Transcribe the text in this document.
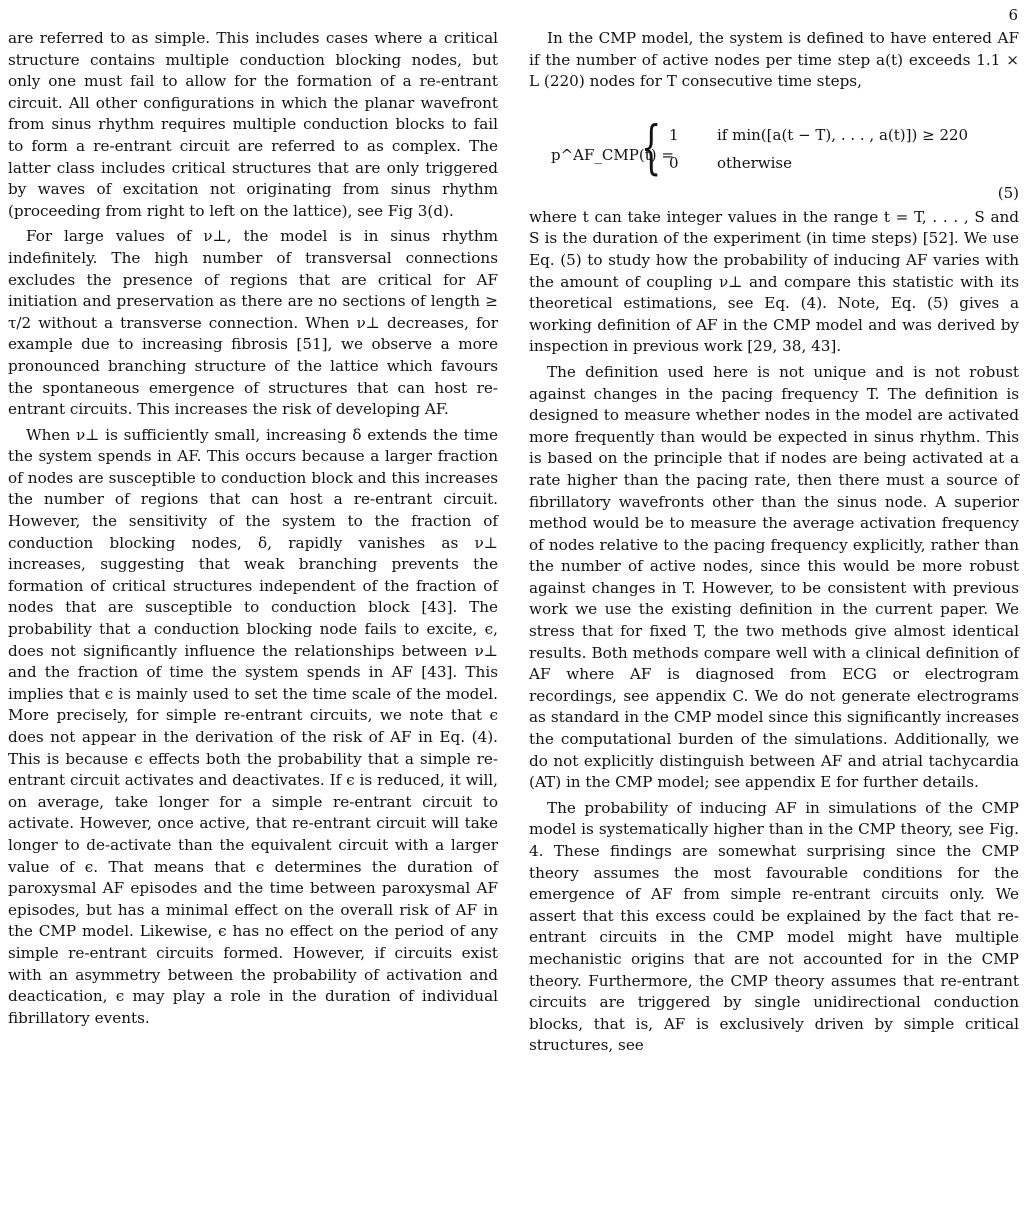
6

are referred to as simple. This includes cases where a critical structure contains multiple conduction blocking nodes, but only one must fail to allow for the formation of a re-entrant circuit. All other configurations in which the planar wavefront from sinus rhythm requires multiple conduction blocks to fail to form a re-entrant circuit are referred to as complex. The latter class includes critical structures that are only triggered by waves of excitation not originating from sinus rhythm (proceeding from right to left on the lattice), see Fig 3(d).

For large values of ν⊥, the model is in sinus rhythm indefinitely. The high number of transversal connections excludes the presence of regions that are critical for AF initiation and preservation as there are no sections of length ≥ τ/2 without a transverse connection. When ν⊥ decreases, for example due to increasing fibrosis [51], we observe a more pronounced branching structure of the lattice which favours the spontaneous emergence of structures that can host re-entrant circuits. This increases the risk of developing AF.

When ν⊥ is sufficiently small, increasing δ extends the time the system spends in AF. This occurs because a larger fraction of nodes are susceptible to conduction block and this increases the number of regions that can host a re-entrant circuit. However, the sensitivity of the system to the fraction of conduction blocking nodes, δ, rapidly vanishes as ν⊥ increases, suggesting that weak branching prevents the formation of critical structures independent of the fraction of nodes that are susceptible to conduction block [43]. The probability that a conduction blocking node fails to excite, ϵ, does not significantly influence the relationships between ν⊥ and the fraction of time the system spends in AF [43]. This implies that ϵ is mainly used to set the time scale of the model. More precisely, for simple re-entrant circuits, we note that ϵ does not appear in the derivation of the risk of AF in Eq. (4). This is because ϵ effects both the probability that a simple re-entrant circuit activates and deactivates. If ϵ is reduced, it will, on average, take longer for a simple re-entrant circuit to activate. However, once active, that re-entrant circuit will take longer to de-activate than the equivalent circuit with a larger value of ϵ. That means that ϵ determines the duration of paroxysmal AF episodes and the time between paroxysmal AF episodes, but has a minimal effect on the overall risk of AF in the CMP model. Likewise, ϵ has no effect on the period of any simple re-entrant circuits formed. However, if circuits exist with an asymmetry between the probability of activation and deactication, ϵ may play a role in the duration of individual fibrillatory events.

In the CMP model, the system is defined to have entered AF if the number of active nodes per time step a(t) exceeds 1.1 × L (220) nodes for T consecutive time steps,

p^AF_CMP(t) =
{ 1	if min([a(t − T), . . . , a(t)]) ≥ 220
0	otherwise
(5)

where t can take integer values in the range t = T, . . . , S and S is the duration of the experiment (in time steps) [52]. We use Eq. (5) to study how the probability of inducing AF varies with the amount of coupling ν⊥ and compare this statistic with its theoretical estimations, see Eq. (4). Note, Eq. (5) gives a working definition of AF in the CMP model and was derived by inspection in previous work [29, 38, 43].

The definition used here is not unique and is not robust against changes in the pacing frequency T. The definition is designed to measure whether nodes in the model are activated more frequently than would be expected in sinus rhythm. This is based on the principle that if nodes are being activated at a rate higher than the pacing rate, then there must a source of fibrillatory wavefronts other than the sinus node. A superior method would be to measure the average activation frequency of nodes relative to the pacing frequency explicitly, rather than the number of active nodes, since this would be more robust against changes in T. However, to be consistent with previous work we use the existing definition in the current paper. We stress that for fixed T, the two methods give almost identical results. Both methods compare well with a clinical definition of AF where AF is diagnosed from ECG or electrogram recordings, see appendix C. We do not generate electrograms as standard in the CMP model since this significantly increases the computational burden of the simulations. Additionally, we do not explicitly distinguish between AF and atrial tachycardia (AT) in the CMP model; see appendix E for further details.

The probability of inducing AF in simulations of the CMP model is systematically higher than in the CMP theory, see Fig. 4. These findings are somewhat surprising since the CMP theory assumes the most favourable conditions for the emergence of AF from simple re-entrant circuits only. We assert that this excess could be explained by the fact that re-entrant circuits in the CMP model might have multiple mechanistic origins that are not accounted for in the CMP theory. Furthermore, the CMP theory assumes that re-entrant circuits are triggered by single unidirectional conduction blocks, that is, AF is exclusively driven by simple critical structures, see
